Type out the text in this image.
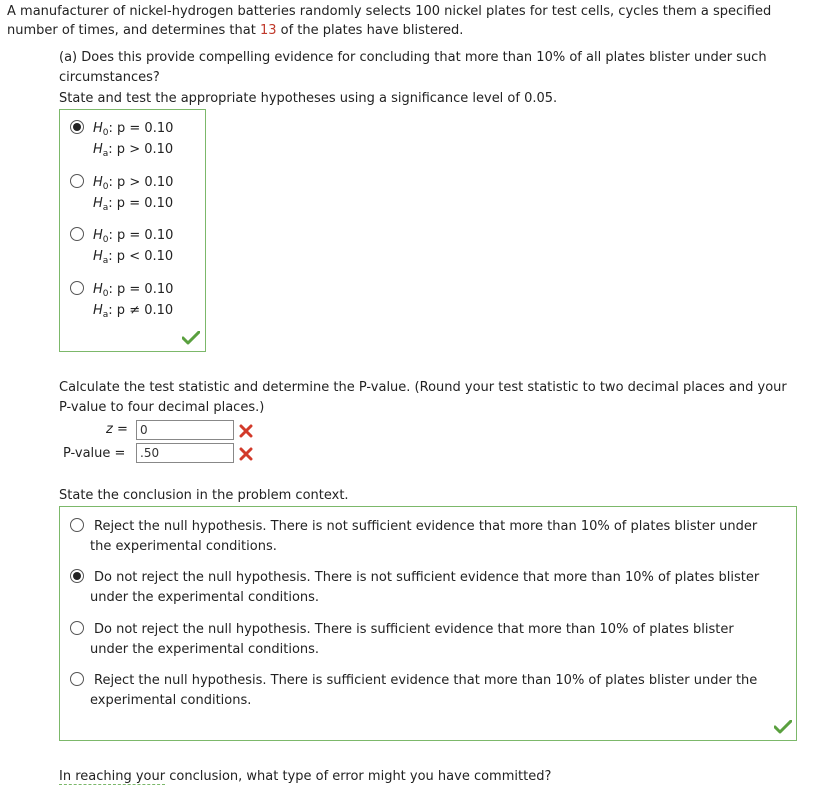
A manufacturer of nickel-hydrogen batteries randomly selects 100 nickel plates for test cells, cycles them a specified
number of times, and determines that 13 of the plates have blistered.
(a) Does this provide compelling evidence for concluding that more than 10% of all plates blister under such
circumstances?
State and test the appropriate hypotheses using a significance level of 0.05.
$H_0$: p = 0.10
$H_a$: p > 0.10
$H_0$: p > 0.10
$H_a$: p = 0.10
$H_0$: p = 0.10
$H_a$: p < 0.10
$H_0$: p = 0.10
$H_a$: p ≠ 0.10
Calculate the test statistic and determine the P-value. (Round your test statistic to two decimal places and your
P-value to four decimal places.)
z =	0
P-value =	.50
State the conclusion in the problem context.
Reject the null hypothesis. There is not sufficient evidence that more than 10% of plates blister under
the experimental conditions.
Do not reject the null hypothesis. There is not sufficient evidence that more than 10% of plates blister
under the experimental conditions.
Do not reject the null hypothesis. There is sufficient evidence that more than 10% of plates blister
under the experimental conditions.
Reject the null hypothesis. There is sufficient evidence that more than 10% of plates blister under the
experimental conditions.
In reaching your conclusion, what type of error might you have committed?
